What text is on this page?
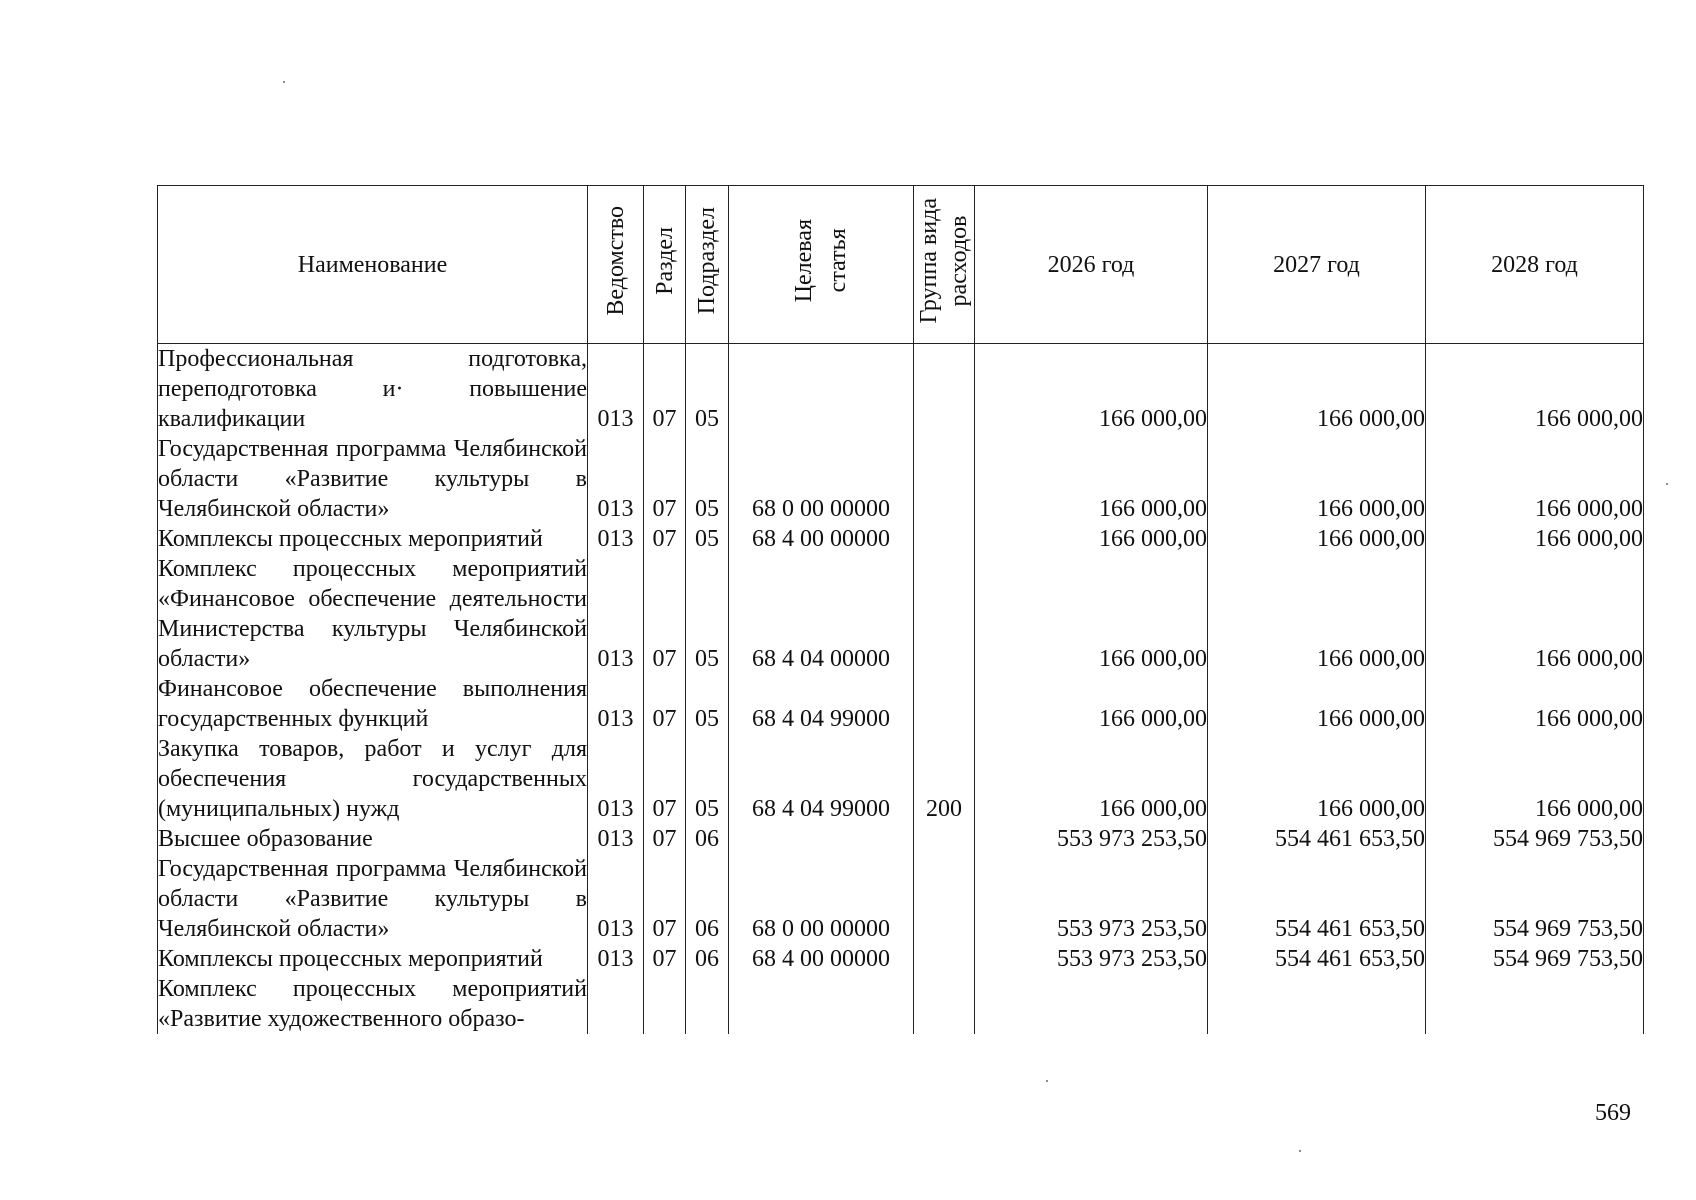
Наименование	Ведомство	Раздел	Подраздел	Целевая статья	Группа вида расходов	2026 год	2027 год	2028 год

Профессиональная подготовка, переподготовка и· повышение квалификации	013	07	05			166 000,00	166 000,00	166 000,00

Государственная программа Челябинской области «Развитие культуры в Челябинской области»	013	07	05	68 0 00 00000		166 000,00	166 000,00	166 000,00

Комплексы процессных мероприятий	013	07	05	68 4 00 00000		166 000,00	166 000,00	166 000,00

Комплекс процессных мероприятий «Финансовое обеспечение деятельности Министерства культуры Челябинской области»	013	07	05	68 4 04 00000		166 000,00	166 000,00	166 000,00

Финансовое обеспечение выполнения государственных функций	013	07	05	68 4 04 99000		166 000,00	166 000,00	166 000,00

Закупка товаров, работ и услуг для обеспечения государственных (муниципальных) нужд	013	07	05	68 4 04 99000	200	166 000,00	166 000,00	166 000,00

Высшее образование	013	07	06			553 973 253,50	554 461 653,50	554 969 753,50

Государственная программа Челябинской области «Развитие культуры в Челябинской области»	013	07	06	68 0 00 00000		553 973 253,50	554 461 653,50	554 969 753,50

Комплексы процессных мероприятий	013	07	06	68 4 00 00000		553 973 253,50	554 461 653,50	554 969 753,50

Комплекс процессных мероприятий «Развитие художественного образо-								

569
